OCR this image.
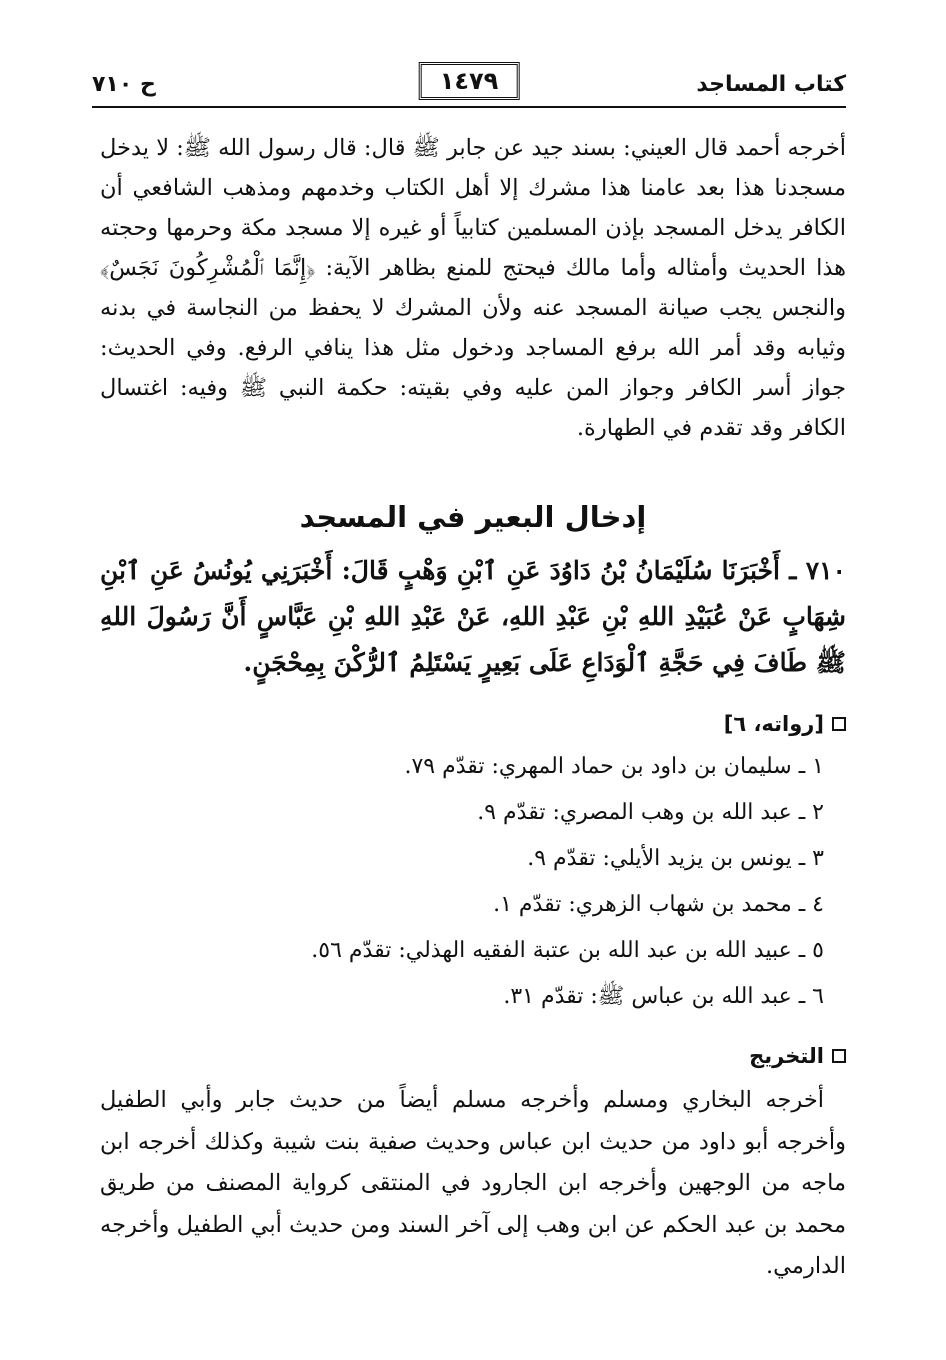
كتاب المساجد
١٤٧٩
ح ٧١٠
أخرجه أحمد قال العيني: بسند جيد عن جابر ﷺ قال: قال رسول الله ﷺ: لا يدخل مسجدنا هذا بعد عامنا هذا مشرك إلا أهل الكتاب وخدمهم ومذهب الشافعي أن الكافر يدخل المسجد بإذن المسلمين كتابياً أو غيره إلا مسجد مكة وحرمها وحجته هذا الحديث وأمثاله وأما مالك فيحتج للمنع بظاهر الآية: ﴿إِنَّمَا ٱلْمُشْرِكُونَ نَجَسٌ﴾ والنجس يجب صيانة المسجد عنه ولأن المشرك لا يحفظ من النجاسة في بدنه وثيابه وقد أمر الله برفع المساجد ودخول مثل هذا ينافي الرفع. وفي الحديث: جواز أسر الكافر وجواز المن عليه وفي بقيته: حكمة النبي ﷺ وفيه: اغتسال الكافر وقد تقدم في الطهارة.
إدخال البعير في المسجد
٧١٠ ـ أَخْبَرَنَا سُلَيْمَانُ بْنُ دَاوُدَ عَنِ ٱبْنِ وَهْبٍ قَالَ: أَخْبَرَنِي يُونُسُ عَنِ ٱبْنِ شِهَابٍ عَنْ عُبَيْدِ اللهِ بْنِ عَبْدِ اللهِ، عَنْ عَبْدِ اللهِ بْنِ عَبَّاسٍ أَنَّ رَسُولَ اللهِ ﷺ طَافَ فِي حَجَّةِ ٱلْوَدَاعِ عَلَى بَعِيرٍ يَسْتَلِمُ ٱلرُّكْنَ بِمِحْجَنٍ.
[رواته، ٦]
١ ـ سليمان بن داود بن حماد المهري: تقدّم ٧٩.
٢ ـ عبد الله بن وهب المصري: تقدّم ٩.
٣ ـ يونس بن يزيد الأيلي: تقدّم ٩.
٤ ـ محمد بن شهاب الزهري: تقدّم ١.
٥ ـ عبيد الله بن عبد الله بن عتبة الفقيه الهذلي: تقدّم ٥٦.
٦ ـ عبد الله بن عباس ﷺ: تقدّم ٣١.
التخريج
أخرجه البخاري ومسلم وأخرجه مسلم أيضاً من حديث جابر وأبي الطفيل وأخرجه أبو داود من حديث ابن عباس وحديث صفية بنت شيبة وكذلك أخرجه ابن ماجه من الوجهين وأخرجه ابن الجارود في المنتقى كرواية المصنف من طريق محمد بن عبد الحكم عن ابن وهب إلى آخر السند ومن حديث أبي الطفيل وأخرجه الدارمي.
